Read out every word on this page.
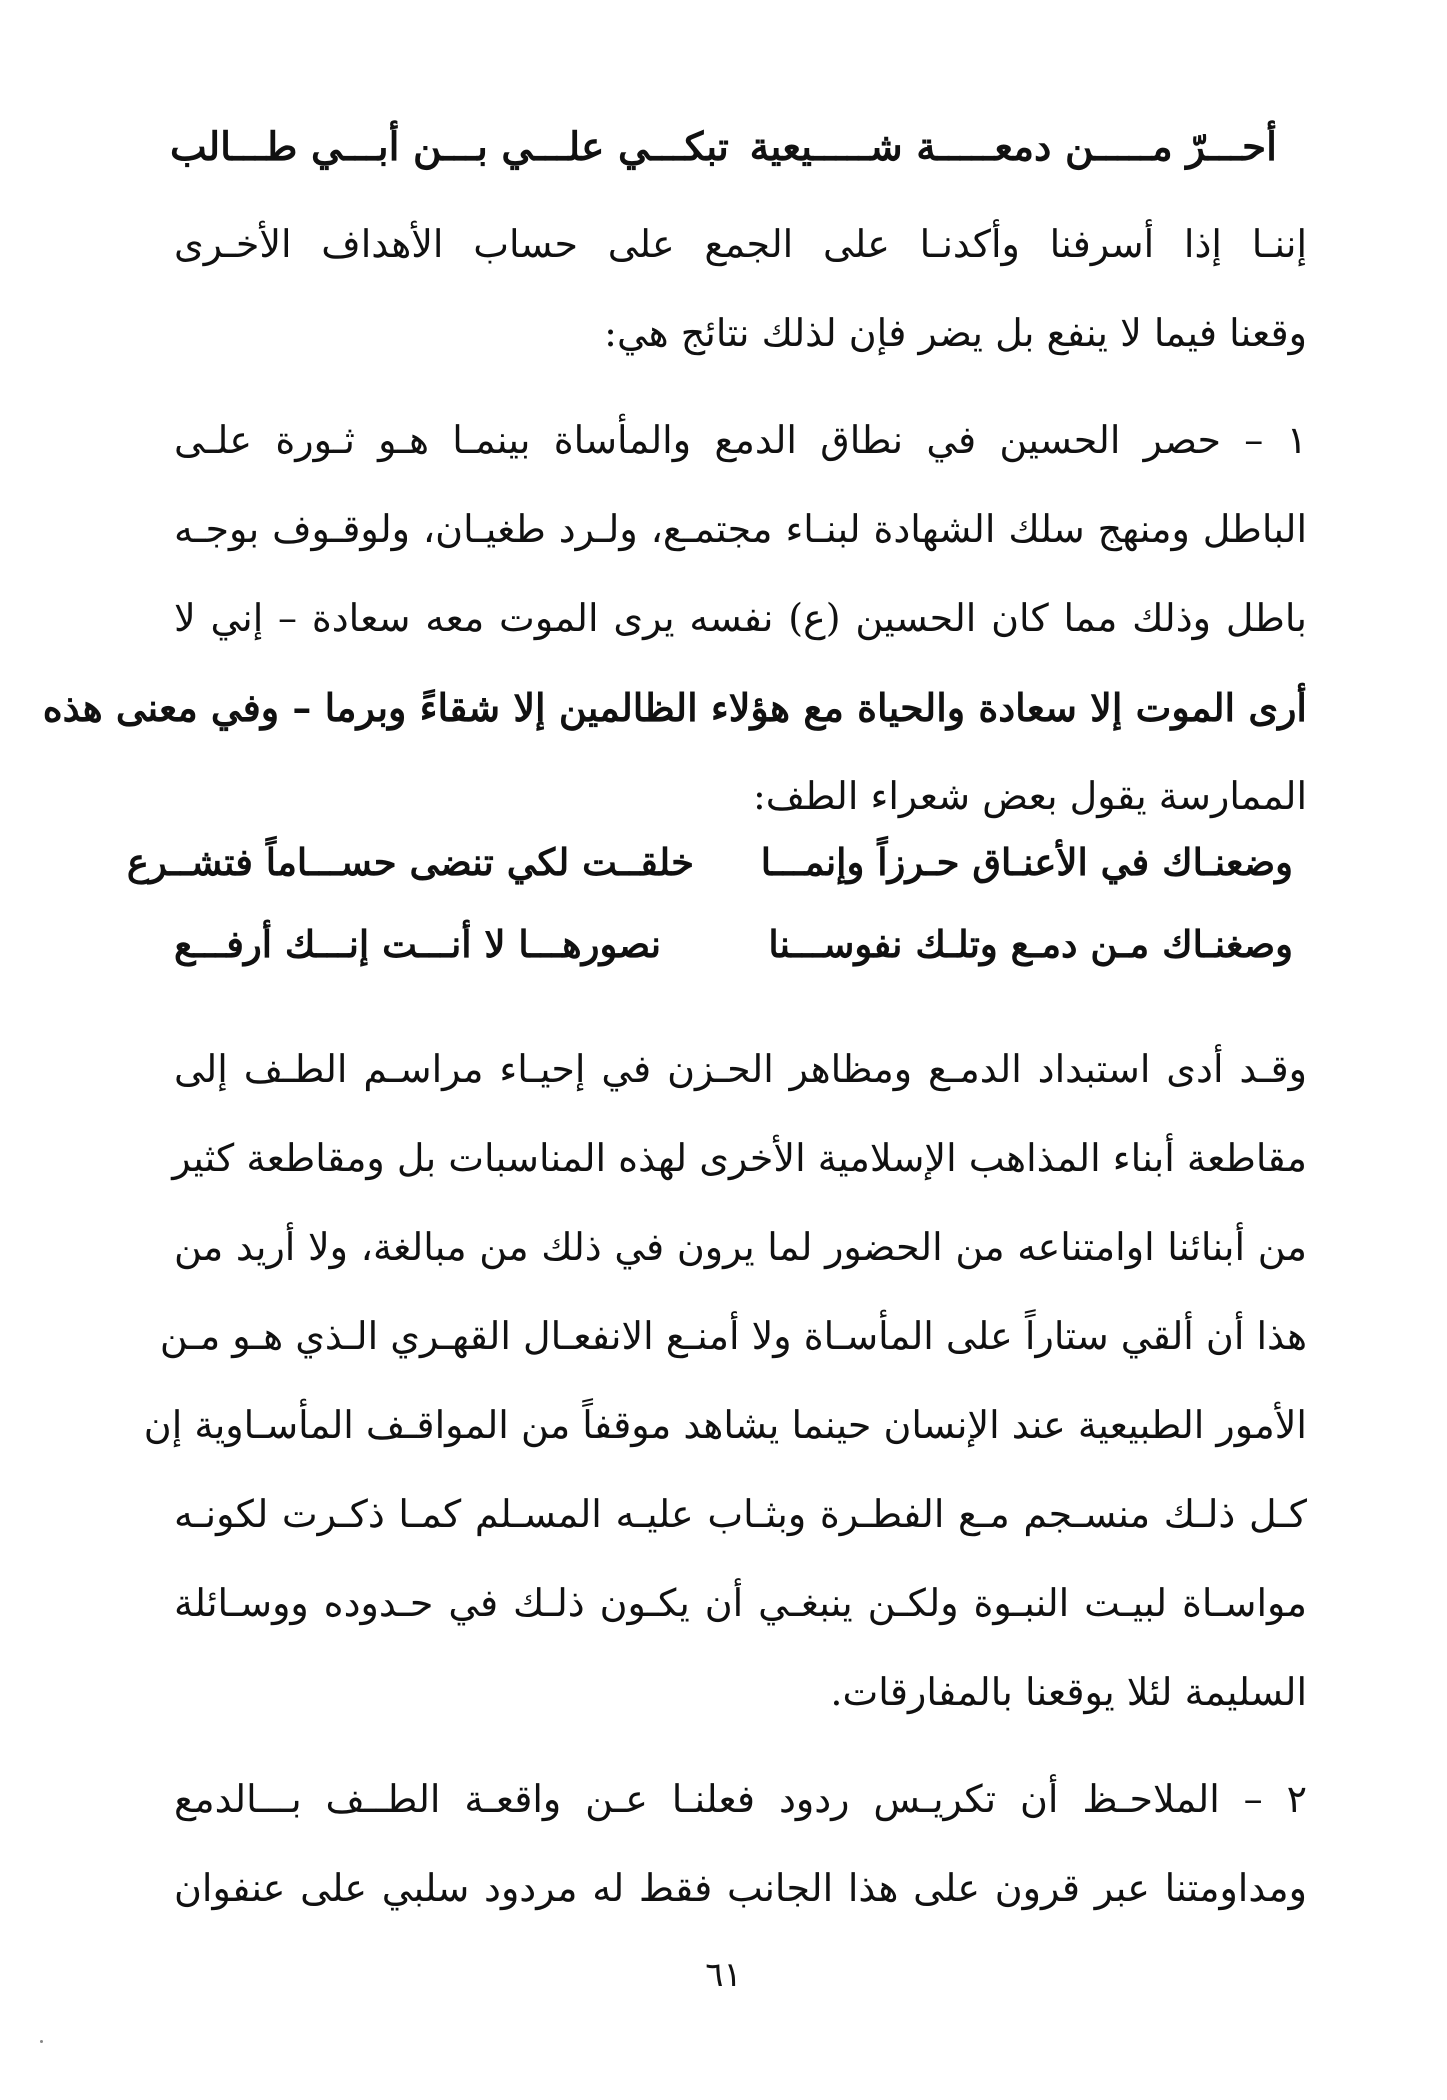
أحـــرّ مـــــن دمعـــــة شـــــيعية
تبكـــي علـــي بـــن أبـــي طـــالب
إننـا إذا أسرفنا وأكدنـا على الجمع على حساب الأهداف الأخـرى
وقعنا فيما لا ينفع بل يضر فإن لذلك نتائج هي:
١ – حصر الحسين في نطاق الدمع والمأساة بينمـا هـو ثـورة علـى
الباطل ومنهج سلك الشهادة لبنـاء مجتمـع، ولـرد طغيـان، ولوقـوف بوجـه
باطل وذلك مما كان الحسين (ع) نفسه يرى الموت معه سعادة – إني لا
أرى الموت إلا سعادة والحياة مع هؤلاء الظالمين إلا شقاءً وبرما – وفي معنى هذه
الممارسة يقول بعض شعراء الطف:
وضعنـاك في الأعنـاق حـرزاً وإنمـــا
خلقــت لكي تنضى حســـاماً فتشــرع
وصغنـاك مـن دمـع وتلـك نفوســـنا
نصورهـــا لا أنـــت إنـــك أرفـــع
وقـد أدى استبداد الدمـع ومظاهر الحـزن في إحيـاء مراسـم الطـف إلى
مقاطعة أبناء المذاهب الإسلامية الأخرى لهذه المناسبات بل ومقاطعة كثير
من أبنائنا اوامتناعه من الحضور لما يرون في ذلك من مبالغة، ولا أريد من
هذا أن ألقي ستاراً على المأسـاة ولا أمنـع الانفعـال القهـري الـذي هـو مـن
الأمور الطبيعية عند الإنسان حينما يشاهد موقفاً من المواقـف المأسـاوية إن
كـل ذلـك منسـجم مـع الفطـرة وبثـاب عليـه المسـلم كمـا ذكـرت لكونـه
مواسـاة لبيـت النبـوة ولكـن ينبغـي أن يكـون ذلـك في حـدوده ووسـائلة
السليمة لئلا يوقعنا بالمفارقات.
٢ – الملاحـظ أن تكريـس ردود فعلنـا عـن واقعـة الطــف بـــالدمع
ومداومتنا عبر قرون على هذا الجانب فقط له مردود سلبي على عنفوان
٦١
